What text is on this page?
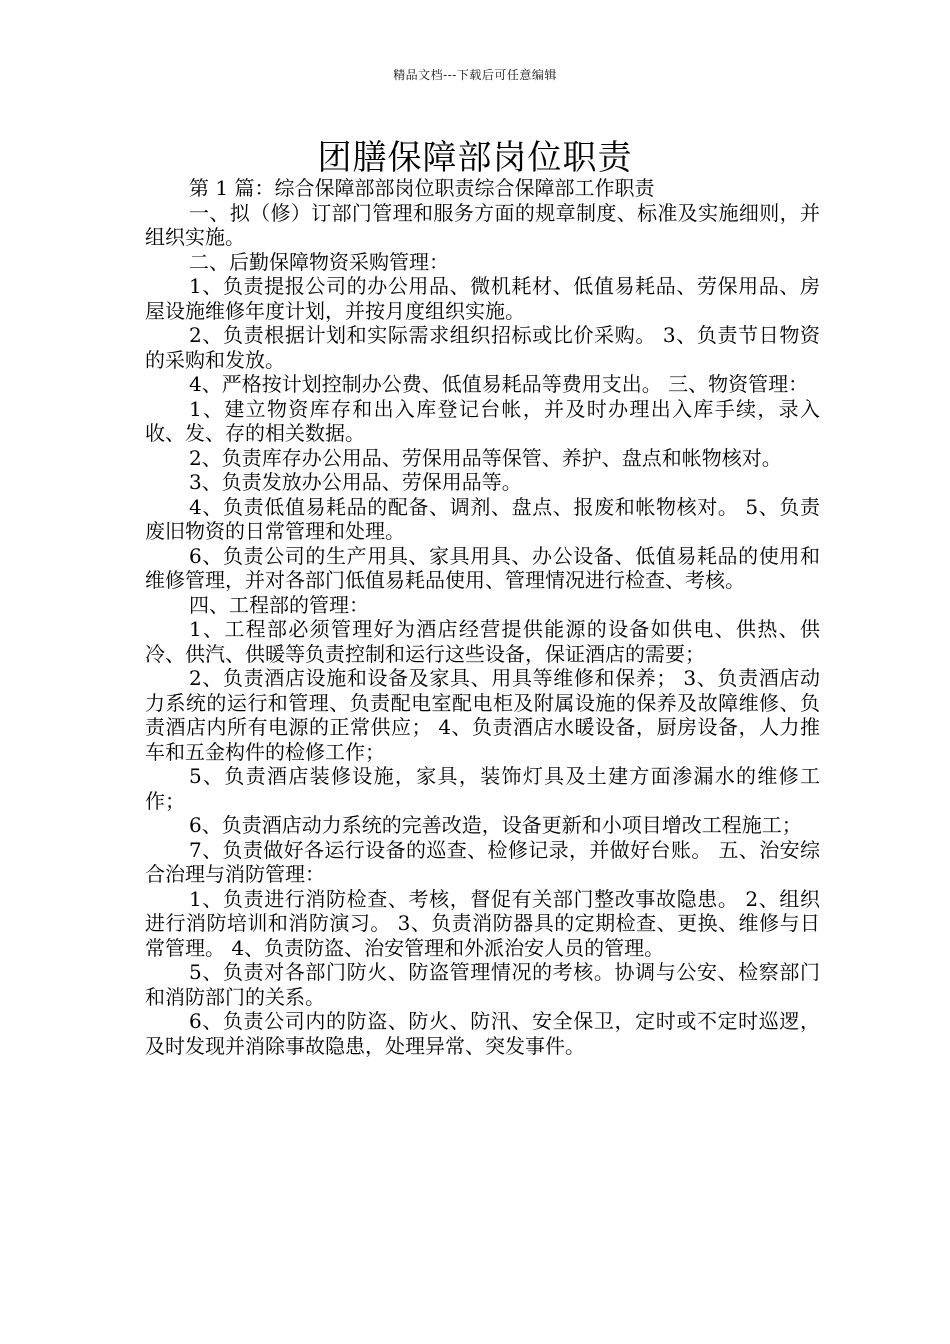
精品文档---下载后可任意编辑
团膳保障部岗位职责

第 1 篇：综合保障部部岗位职责综合保障部工作职责

一、拟（修）订部门管理和服务方面的规章制度、标准及实施细则，并组织实施。

二、后勤保障物资采购管理：

1、负责提报公司的办公用品、微机耗材、低值易耗品、劳保用品、房屋设施维修年度计划，并按月度组织实施。

2、负责根据计划和实际需求组织招标或比价采购。 3、负责节日物资的采购和发放。

4、严格按计划控制办公费、低值易耗品等费用支出。 三、物资管理：

1、建立物资库存和出入库登记台帐，并及时办理出入库手续，录入收、发、存的相关数据。

2、负责库存办公用品、劳保用品等保管、养护、盘点和帐物核对。

3、负责发放办公用品、劳保用品等。

4、负责低值易耗品的配备、调剂、盘点、报废和帐物核对。 5、负责废旧物资的日常管理和处理。

6、负责公司的生产用具、家具用具、办公设备、低值易耗品的使用和维修管理，并对各部门低值易耗品使用、管理情况进行检查、考核。

四、工程部的管理：

1、工程部必须管理好为酒店经营提供能源的设备如供电、供热、供冷、供汽、供暖等负责控制和运行这些设备，保证酒店的需要；

2、负责酒店设施和设备及家具、用具等维修和保养； 3、负责酒店动力系统的运行和管理、负责配电室配电柜及附属设施的保养及故障维修、负责酒店内所有电源的正常供应； 4、负责酒店水暖设备，厨房设备，人力推车和五金构件的检修工作；

5、负责酒店装修设施，家具，装饰灯具及土建方面渗漏水的维修工作；

6、负责酒店动力系统的完善改造，设备更新和小项目增改工程施工；

7、负责做好各运行设备的巡查、检修记录，并做好台账。 五、治安综合治理与消防管理：

1、负责进行消防检查、考核，督促有关部门整改事故隐患。 2、组织进行消防培训和消防演习。 3、负责消防器具的定期检查、更换、维修与日常管理。 4、负责防盗、治安管理和外派治安人员的管理。

5、负责对各部门防火、防盗管理情况的考核。协调与公安、检察部门和消防部门的关系。

6、负责公司内的防盗、防火、防汛、安全保卫，定时或不定时巡逻，及时发现并消除事故隐患，处理异常、突发事件。
